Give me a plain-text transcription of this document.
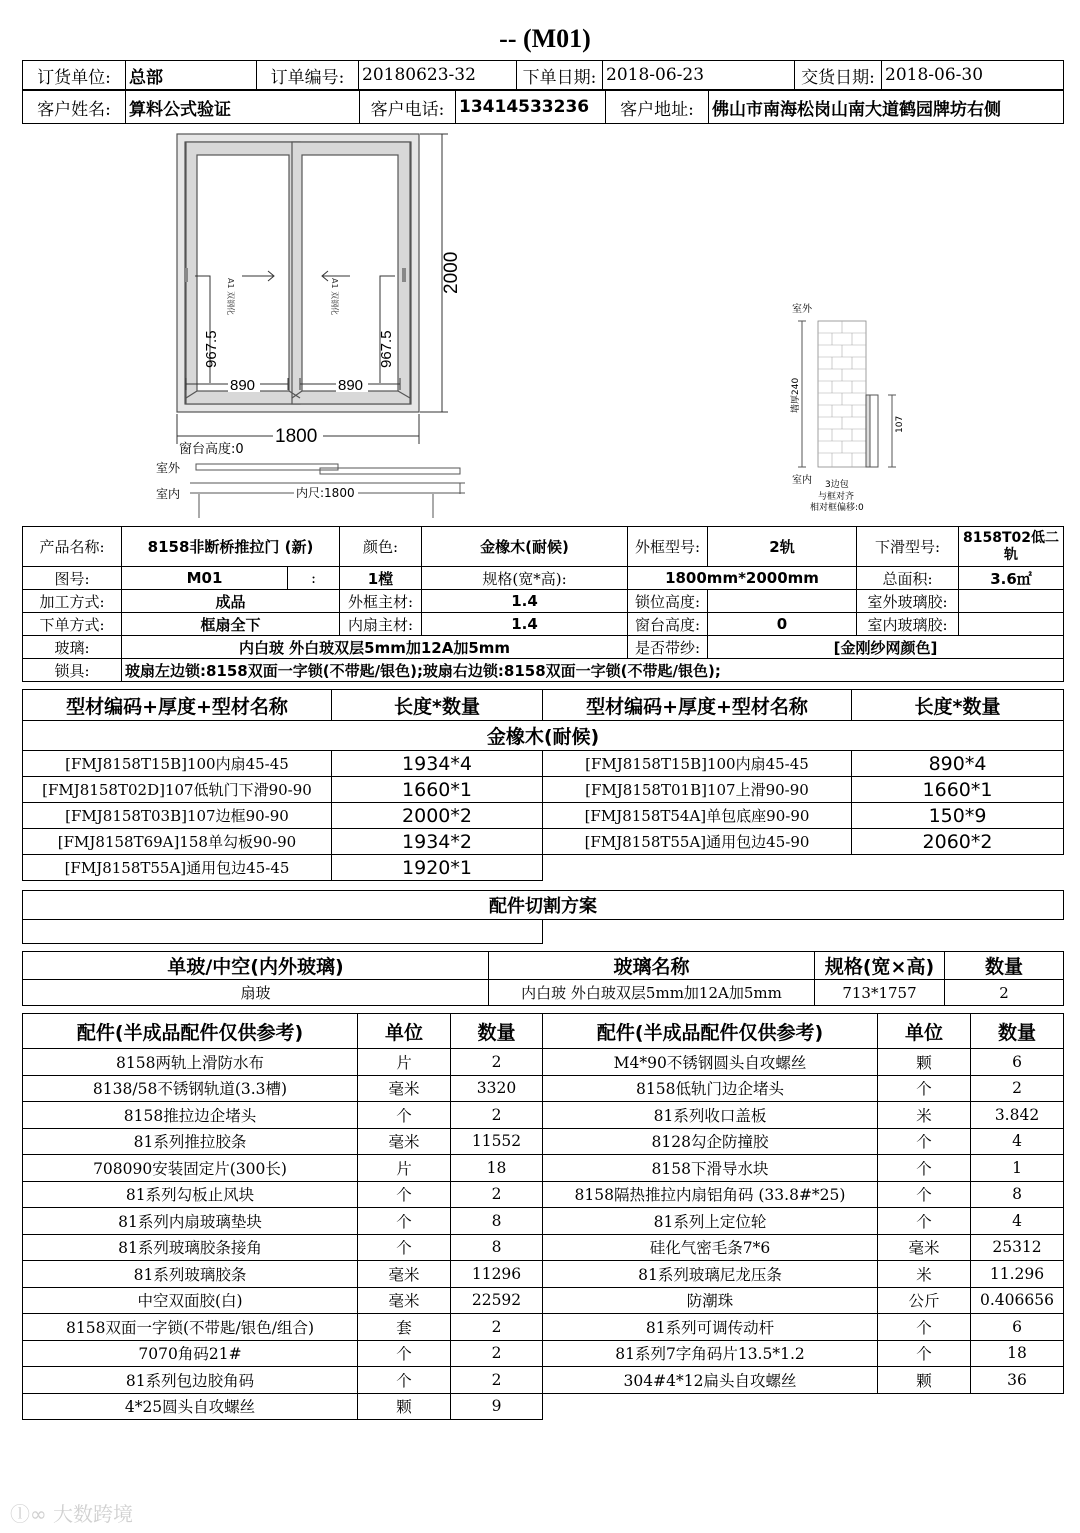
-- (M01)
订货单位:	总部	订单编号:	20180623-32	下单日期:	2018-06-23	交货日期:	2018-06-30
客户姓名:	算料公式验证	客户电话:	13414533236	客户地址:	佛山市南海松岗山南大道鹤园牌坊右侧
A1 双钢化	A1 双钢化
967.5	967.5
890	890
2000
1800
窗台高度:0
室外
室内	内尺:1800
室外
墙厚240
107
室内 3边包
与框对齐
相对框偏移:0
产品名称:	8158非断桥推拉门 (新)		颜色:	金橡木(耐候)	外框型号:	2轨	下滑型号:	8158T02低二轨
图号:	M01	:	1樘	规格(宽*高):	1800mm*2000mm		总面积:	3.6㎡
加工方式:	成品		外框主材:	1.4	锁位高度:		室外玻璃胶:	
下单方式:	框扇全下		内扇主材:	1.4	窗台高度:	0	室内玻璃胶:	
玻璃:	内白玻 外白玻双层5mm加12A加5mm				是否带纱:	[金刚纱网颜色]		
锁具:	玻扇左边锁:8158双面一字锁(不带匙/银色);玻扇右边锁:8158双面一字锁(不带匙/银色);							
型材编码+厚度+型材名称	长度*数量	型材编码+厚度+型材名称	长度*数量
金橡木(耐候)			
[FMJ8158T15B]100内扇45-45	1934*4	[FMJ8158T15B]100内扇45-45	890*4
[FMJ8158T02D]107低轨门下滑90-90	1660*1	[FMJ8158T01B]107上滑90-90	1660*1
[FMJ8158T03B]107边框90-90	2000*2	[FMJ8158T54A]单包底座90-90	150*9
[FMJ8158T69A]158单勾板90-90	1934*2	[FMJ8158T55A]通用包边45-90	2060*2
[FMJ8158T55A]通用包边45-45	1920*1		
配件切割方案

单玻/中空(内外玻璃)	玻璃名称	规格(宽×高)	数量
扇玻	内白玻 外白玻双层5mm加12A加5mm	713*1757	2
配件(半成品配件仅供参考)	单位	数量	配件(半成品配件仅供参考)	单位	数量
8158两轨上滑防水布	片	2	M4*90不锈钢圆头自攻螺丝	颗	6
8138/58不锈钢轨道(3.3槽)	毫米	3320	8158低轨门边企堵头	个	2
8158推拉边企堵头	个	2	81系列收口盖板	米	3.842
81系列推拉胶条	毫米	11552	8128勾企防撞胶	个	4
708090安装固定片(300长)	片	18	8158下滑导水块	个	1
81系列勾板止风块	个	2	8158隔热推拉内扇铝角码 (33.8#*25)	个	8
81系列内扇玻璃垫块	个	8	81系列上定位轮	个	4
81系列玻璃胶条接角	个	8	硅化气密毛条7*6	毫米	25312
81系列玻璃胶条	毫米	11296	81系列玻璃尼龙压条	米	11.296
中空双面胶(白)	毫米	22592	防潮珠	公斤	0.406656
8158双面一字锁(不带匙/银色/组合)	套	2	81系列可调传动杆	个	6
7070角码21#	个	2	81系列7字角码片13.5*1.2	个	18
81系列包边胶角码	个	2	304#4*12扁头自攻螺丝	颗	36
4*25圆头自攻螺丝	颗	9			
ⓛ∞ 大数跨境
